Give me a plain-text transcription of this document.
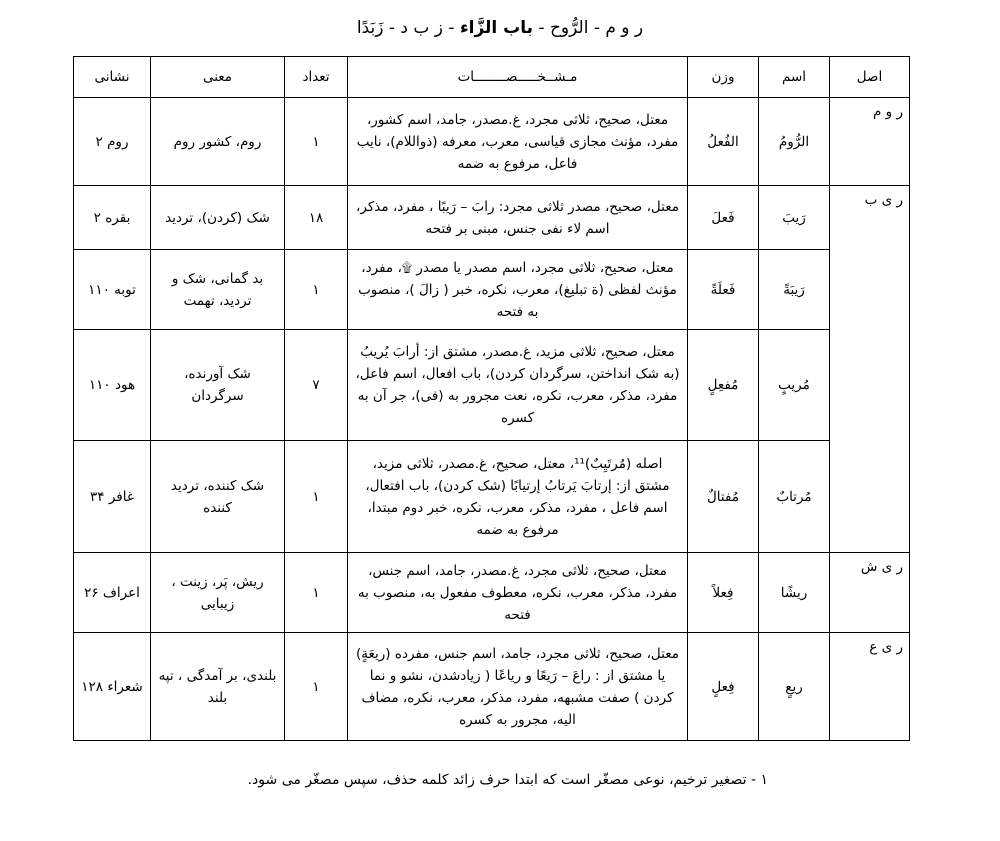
ر و م - الرُّوح - باب الزَّاء - ز ب د - زَبَدًا
اصل	اسم	وزن	مـشــخـــــصــــــــات	تعداد	معنی	نشانی
ر و م	الرُّومُ	الفُعلُ	معتل، صحیح، ثلاثی مجرد، غ.مصدر، جامد، اسم کشور، مفرد، مؤنث مجازی قیاسی، معرب، معرفه (ذواللام)، نایب فاعل، مرفوع به ضمه	۱	روم، کشور روم	روم ۲
ر ی ب	رَیبَ	فَعلَ	معتل، صحیح، مصدر ثلاثی مجرد: رابَ – رَیبًا ، مفرد، مذکر، اسم لاء نفی جنس، مبنی بر فتحه	۱۸	شک (کردن)، تردید	بقره ۲
	رَیبَةً	فَعلَةً	معتل، صحیح، ثلاثی مجرد، اسم مصدر یا مصدر ۩، مفرد، مؤنث لفظی (ة تبلیغ)، معرب، نکره، خبر ( زالَ )، منصوب به فتحه	۱	بد گمانی، شک و تردید، تهمت	توبه ۱۱۰
	مُریبٍ	مُفعِلٍ	معتل، صحیح، ثلاثی مزید، غ.مصدر، مشتق از: أرابَ یُریبُ (به شک انداختن، سرگردان کردن)، باب افعال، اسم فاعل، مفرد، مذکر، معرب، نکره، نعت مجرور به (فی)، جر آن به کسره	۷	شک آورنده، سرگردان	هود ۱۱۰
	مُرتابٌ	مُفتالٌ	اصله (مُرتَیِبٌ)¹¹، معتل، صحیح، غ.مصدر، ثلاثی مزید، مشتق از: إرتابَ یَرتابُ إرتیابًا (شک کردن)، باب افتعال، اسم فاعل ، مفرد، مذکر، معرب، نکره، خبر دوم مبتدا، مرفوع به ضمه	۱	شک کننده، تردید کننده	غافر ۳۴
ر ی ش	ریشًا	فِعلاً	معتل، صحیح، ثلاثی مجرد، غ.مصدر، جامد، اسم جنس، مفرد، مذکر، معرب، نکره، معطوف مفعول به، منصوب به فتحه	۱	ریش، پَر، زینت ، زیبایی	اعراف ۲۶
ر ی ع	ریعٍ	فِعلٍ	معتل، صحیح، ثلاثی مجرد، جامد، اسم جنس، مفرده (ریعَةٍ) یا مشتق از : راعَ – رَیعًا و ریاعًا ( زیادشدن، نشو و نما کردن ) صفت مشبهه، مفرد، مذکر، معرب، نکره، مضاف الیه، مجرور به کسره	۱	بلندی، بر آمدگی ، تپه بلند	شعراء ۱۲۸
۱ - تصغیر ترخیم، نوعی مصغّر است که ابتدا حرف زائد کلمه حذف، سپس مصغّر می شود.
